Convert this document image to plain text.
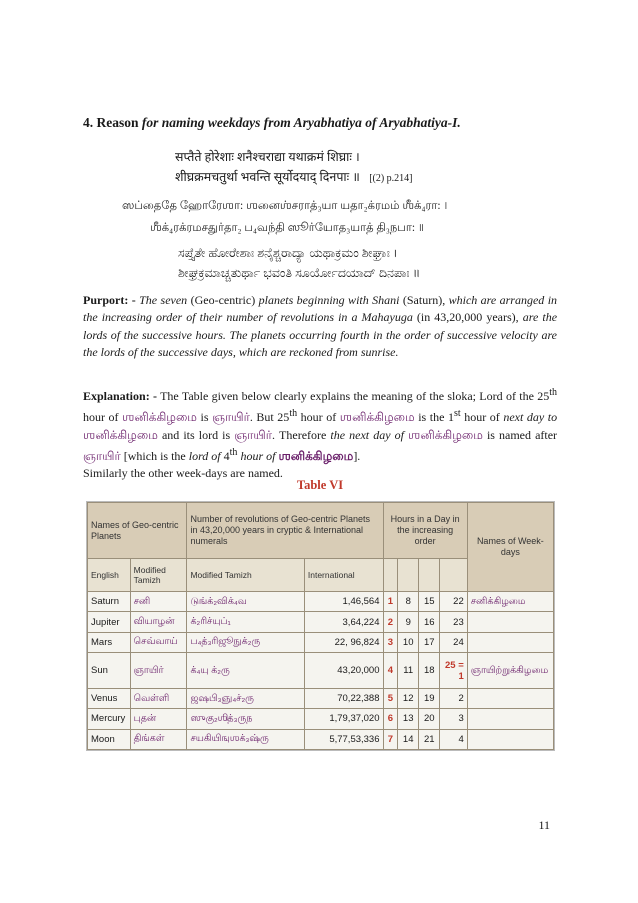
4. Reason for naming weekdays from Aryabhatiya of Aryabhatiya-I.
सप्तैते होरेशाः शनैश्चराद्या यथाक्रमं शिघ्राः ।
शीघ्रक्रमचतुर्था भवन्ति सूर्योदयाद् दिनपाः ॥ [(2) p.214]
ஸப்தைதே ஹோரேஶா: ஶனைஶ்சராத்₃யா யதா₂க்ரமம் ஶீக்₄ரா: ।
ஶீக்₄ரக்ரமசதுர்தா₂ ப₄வந்தி ஸூர்யோத₃யாத் தி₃நபா: ॥
ಸಪ್ತೈತೇ ಹೋರೇಶಾಃ ಶನೈಶ್ಚರಾದ್ಯಾ ಯಥಾಕ್ರಮಂ ಶೀಘ್ರಾಃ ।
ಶೀಘ್ರಕ್ರಮಾಚ್ಚತುರ್ಥಾ ಭವಂತಿ ಸೂರ್ಯೋದಯಾದ್ ದಿನಪಾಃ ॥
Purport: - The seven (Geo-centric) planets beginning with Shani (Saturn), which are arranged in the increasing order of their number of revolutions in a Mahayuga (in 43,20,000 years), are the lords of the successive hours. The planets occurring fourth in the order of successive velocity are the lords of the successive days, which are reckoned from sunrise.
Explanation: - The Table given below clearly explains the meaning of the sloka; Lord of the 25th hour of ஶனிக்கிழமை is ஞாயிர். But 25th hour of ஶனிக்கிழமை is the 1st hour of next day to ஶனிக்கிழமை and its lord is ஞாயிர். Therefore the next day of ஶனிக்கிழமை is named after ஞாயிர் [which is the lord of 4th hour of ஶனிக்கிழமை].
Similarly the other week-days are named.
Table VI
Names of Geo-centric Planets		Number of revolutions of Geo-centric Planets in 43,20,000 years in cryptic & International numerals		Hours in a Day in the increasing order				Names of Week-days
English	Modified Tamizh	Modified Tamizh	International					
Saturn	சனி	டுங்க்₂விக்₄வ	1,46,564	1	8	15	22	சனிக்கிழமை
Jupiter	வியாழன்	க்₂ரிச்யுப்₁	3,64,224	2	9	16	23	
Mars	செவ்வாய்	ப₄த்₃ரிஜூநுக்₂ரு	22, 96,824	3	10	17	24	
Sun	ஞாயிர்	க்₄யு க்₂ரு	43,20,000	4	11	18	25 = 1	ஞாயிற்றுக்கிழமை
Venus	வெள்ளி	ஜஷபி₃ஞு₄ச்₂ரு	70,22,388	5	12	19	2	
Mercury	புதன்	ஸுகு₂ஶித்₃ருந	1,79,37,020	6	13	20	3	
Moon	திங்கள்	சயகியிஙுஶக்₃ஷ்ரு	5,77,53,336	7	14	21	4	
11
